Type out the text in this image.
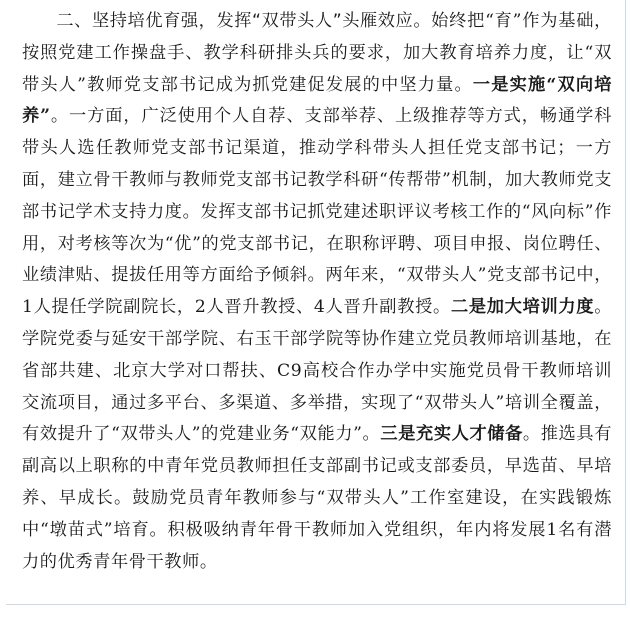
二、坚持培优育强，发挥“双带头人”头雁效应。始终把“育”作为基础，按照党建工作操盘手、教学科研排头兵的要求，加大教育培养力度，让“双带头人”教师党支部书记成为抓党建促发展的中坚力量。一是实施“双向培养”。一方面，广泛使用个人自荐、支部举荐、上级推荐等方式，畅通学科带头人选任教师党支部书记渠道，推动学科带头人担任党支部书记；一方面，建立骨干教师与教师党支部书记教学科研“传帮带”机制，加大教师党支部书记学术支持力度。发挥支部书记抓党建述职评议考核工作的“风向标”作用，对考核等次为“优”的党支部书记，在职称评聘、项目申报、岗位聘任、业绩津贴、提拔任用等方面给予倾斜。两年来，“双带头人”党支部书记中，1人提任学院副院长，2人晋升教授、4人晋升副教授。二是加大培训力度。学院党委与延安干部学院、右玉干部学院等协作建立党员教师培训基地，在省部共建、北京大学对口帮扶、C9高校合作办学中实施党员骨干教师培训交流项目，通过多平台、多渠道、多举措，实现了“双带头人”培训全覆盖，有效提升了“双带头人”的党建业务“双能力”。三是充实人才储备。推选具有副高以上职称的中青年党员教师担任支部副书记或支部委员，早选苗、早培养、早成长。鼓励党员青年教师参与“双带头人”工作室建设，在实践锻炼中“墩苗式”培育。积极吸纳青年骨干教师加入党组织，年内将发展1名有潜力的优秀青年骨干教师。
